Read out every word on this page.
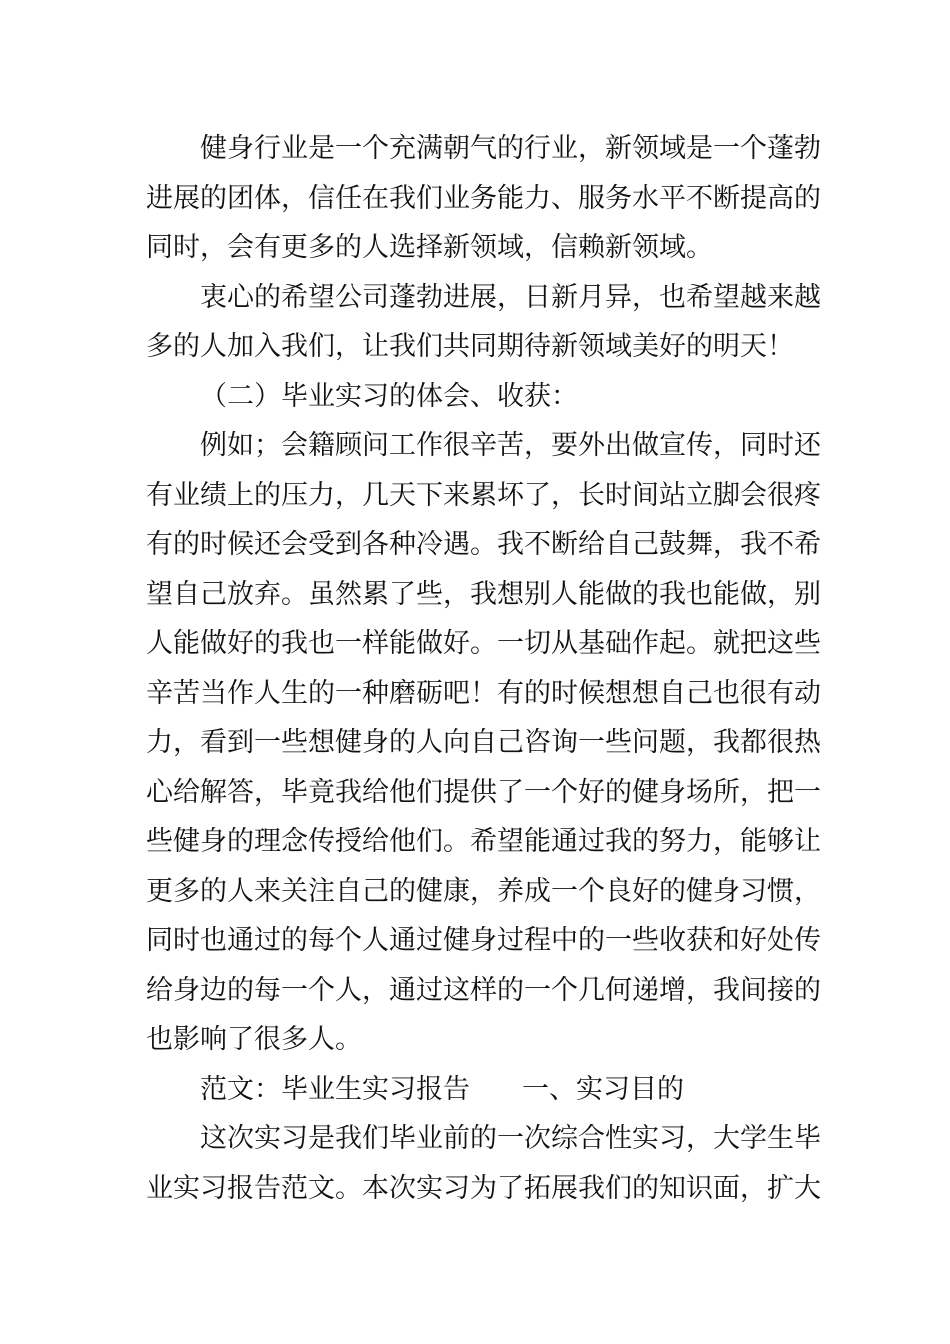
健身行业是一个充满朝气的行业，新领域是一个蓬勃
进展的团体，信任在我们业务能力、服务水平不断提高的
同时，会有更多的人选择新领域，信赖新领域。
衷心的希望公司蓬勃进展，日新月异，也希望越来越
多的人加入我们，让我们共同期待新领域美好的明天！
（二）毕业实习的体会、收获：
例如；会籍顾问工作很辛苦，要外出做宣传，同时还
有业绩上的压力，几天下来累坏了，长时间站立脚会很疼
有的时候还会受到各种冷遇。我不断给自己鼓舞，我不希
望自己放弃。虽然累了些，我想别人能做的我也能做，别
人能做好的我也一样能做好。一切从基础作起。就把这些
辛苦当作人生的一种磨砺吧！有的时候想想自己也很有动
力，看到一些想健身的人向自己咨询一些问题，我都很热
心给解答，毕竟我给他们提供了一个好的健身场所，把一
些健身的理念传授给他们。希望能通过我的努力，能够让
更多的人来关注自己的健康，养成一个良好的健身习惯，
同时也通过的每个人通过健身过程中的一些收获和好处传
给身边的每一个人，通过这样的一个几何递增，我间接的
也影响了很多人。
范文：毕业生实习报告 一、实习目的
这次实习是我们毕业前的一次综合性实习，大学生毕
业实习报告范文。本次实习为了拓展我们的知识面，扩大
